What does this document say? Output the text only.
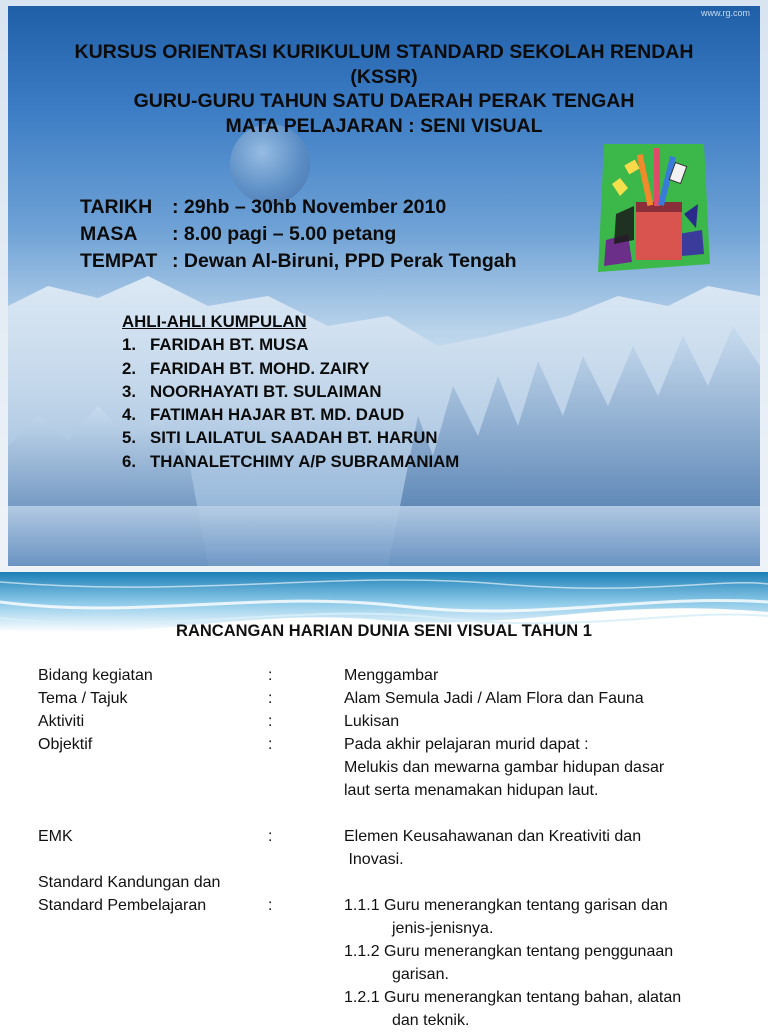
www.rg.com
KURSUS ORIENTASI KURIKULUM STANDARD SEKOLAH RENDAH
(KSSR)
GURU-GURU TAHUN SATU DAERAH PERAK TENGAH
MATA PELAJARAN : SENI VISUAL
TARIKH	: 29hb – 30hb November 2010
MASA	: 8.00 pagi – 5.00 petang
TEMPAT : Dewan Al-Biruni, PPD Perak Tengah
AHLI-AHLI KUMPULAN
1. FARIDAH BT. MUSA
2. FARIDAH BT. MOHD. ZAIRY
3. NOORHAYATI BT. SULAIMAN
4. FATIMAH HAJAR BT. MD. DAUD
5. SITI LAILATUL SAADAH BT. HARUN
6. THANALETCHIMY A/P SUBRAMANIAM
RANCANGAN HARIAN DUNIA SENI VISUAL TAHUN 1
Bidang kegiatan	:	Menggambar
Tema / Tajuk	:	Alam Semula Jadi / Alam Flora dan Fauna
Aktiviti	:	Lukisan
Objektif	:	Pada akhir pelajaran murid dapat :
Melukis dan mewarna gambar hidupan dasar
laut serta menamakan hidupan laut.
EMK	:	Elemen Keusahawanan dan Kreativiti dan
Inovasi.
Standard Kandungan dan
Standard Pembelajaran	:	1.1.1 Guru menerangkan tentang garisan dan
jenis-jenisnya.
1.1.2 Guru menerangkan tentang penggunaan
garisan.
1.2.1 Guru menerangkan tentang bahan, alatan
dan teknik.
